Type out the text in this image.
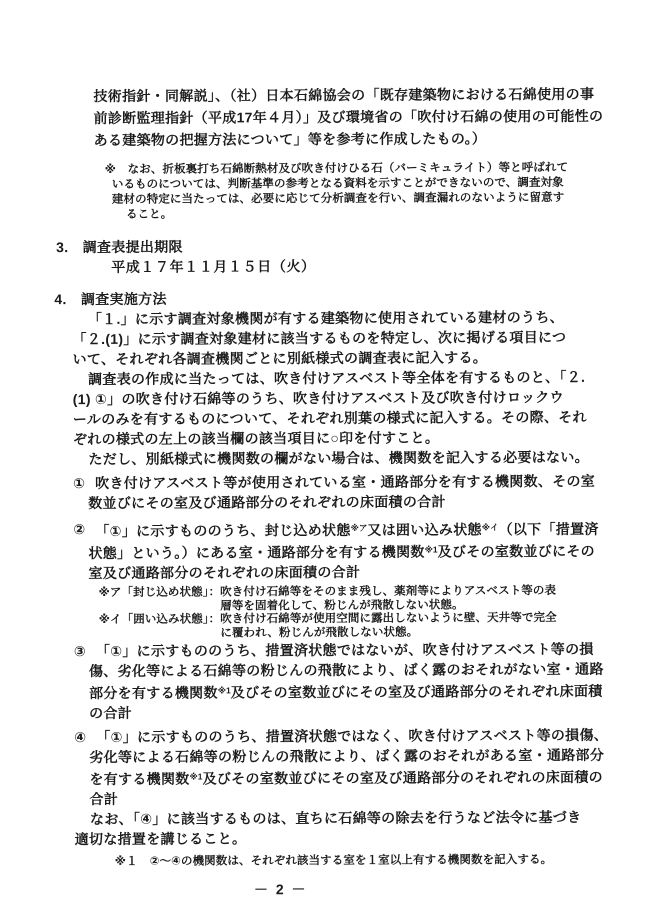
技術指針・同解説」、（社）日本石綿協会の「既存建築物における石綿使用の事
前診断監理指針（平成17年４月）」及び環境省の「吹付け石綿の使用の可能性の
ある建築物の把握方法について」等を参考に作成したもの。）
※　なお、折板裏打ち石綿断熱材及び吹き付けひる石（バーミキュライト）等と呼ばれて
いるものについては、判断基準の参考となる資料を示すことができないので、調査対象
建材の特定に当たっては、必要に応じて分析調査を行い、調査漏れのないように留意す
ること。
3.　調査表提出期限
平成１７年１１月１５日（火）
4.　調査実施方法
「１.」に示す調査対象機関が有する建築物に使用されている建材のうち、
「２.(1)」に示す調査対象建材に該当するものを特定し、次に掲げる項目につ
いて、それぞれ各調査機関ごとに別紙様式の調査表に記入する。
調査表の作成に当たっては、吹き付けアスベスト等全体を有するものと、「２.
(1) ①」の吹き付け石綿等のうち、吹き付けアスベスト及び吹き付けロックウ
ールのみを有するものについて、それぞれ別葉の様式に記入する。その際、それ
ぞれの様式の左上の該当欄の該当項目に○印を付すこと。
ただし、別紙様式に機関数の欄がない場合は、機関数を記入する必要はない。
① 吹き付けアスベスト等が使用されている室・通路部分を有する機関数、その室
数並びにその室及び通路部分のそれぞれの床面積の合計
② 「①」に示すもののうち、封じ込め状態$^{※ア}$又は囲い込み状態$^{※イ}$（以下「措置済
状態」という。）にある室・通路部分を有する機関数$^{※1}$及びその室数並びにその
室及び通路部分のそれぞれの床面積の合計
※ア「封じ込め状態」： 吹き付け石綿等をそのまま残し、薬剤等によりアスベスト等の表
層等を固着化して、粉じんが飛散しない状態。
※イ「囲い込み状態」： 吹き付け石綿等が使用空間に露出しないように壁、天井等で完全
に覆われ、粉じんが飛散しない状態。
③ 「①」に示すもののうち、措置済状態ではないが、吹き付けアスベスト等の損
傷、劣化等による石綿等の粉じんの飛散により、ばく露のおそれがない室・通路
部分を有する機関数$^{※1}$及びその室数並びにその室及び通路部分のそれぞれ床面積
の合計
④ 「①」に示すもののうち、措置済状態ではなく、吹き付けアスベスト等の損傷、
劣化等による石綿等の粉じんの飛散により、ばく露のおそれがある室・通路部分
を有する機関数$^{※1}$及びその室数並びにその室及び通路部分のそれぞれの床面積の
合計
なお、「④」に該当するものは、直ちに石綿等の除去を行うなど法令に基づき
適切な措置を講じること。
※１ ②～④の機関数は、それぞれ該当する室を１室以上有する機関数を記入する。
－ 2 －
